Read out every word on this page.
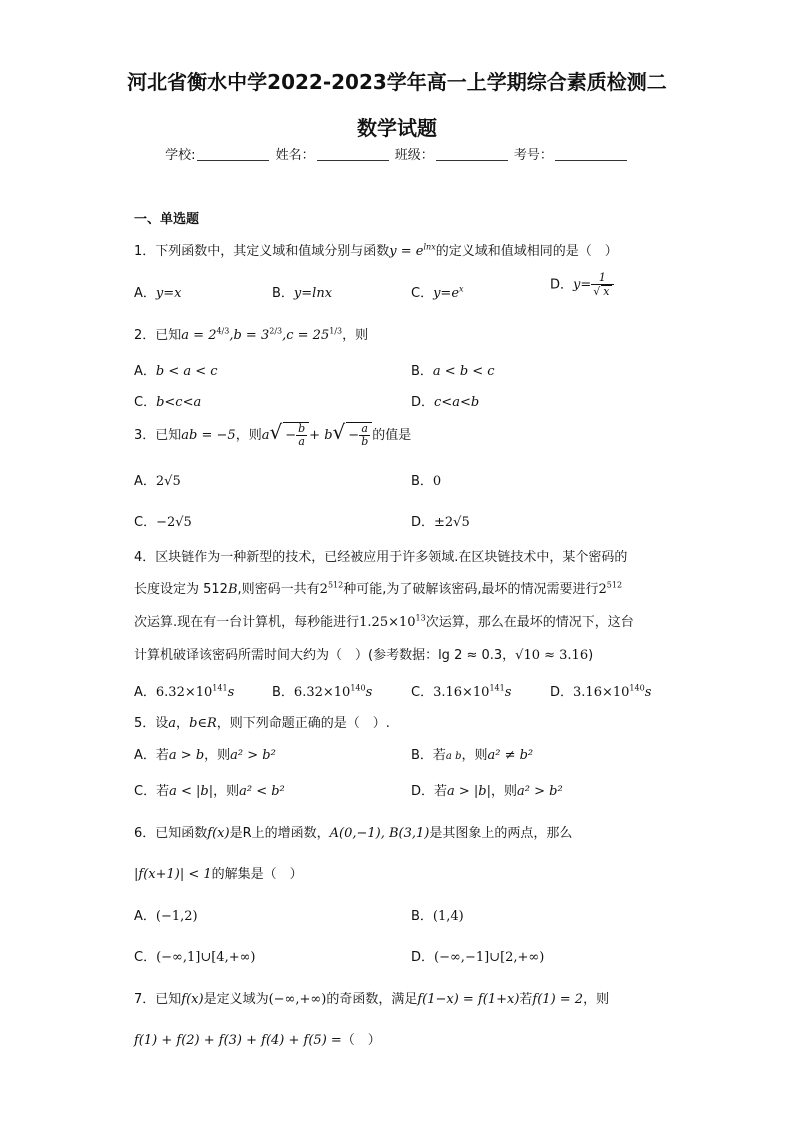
河北省衡水中学2022-2023学年高一上学期综合素质检测二
数学试题
学校:	姓名：	班级：	考号：
一、单选题
1．下列函数中，其定义域和值域分别与函数$y = e^{lnx}$的定义域和值域相同的是（　）
A．y=x	B．y=lnx	C．$y=e^x$	D．$y= \frac{1}{√ x}$
2．已知$a = 2^{4/3},b = 3^{2/3},c = 25^{1/3}$，则
A．b < a < c	B．a < b < c
C．b<c<a	D．c<a<b
3．已知ab = −5，则$a√ - \frac{b}{a} + b√ - \frac{a}{b}$ 的值是
A．2√5	B．0
C．−2√5	D．±2√5
4．区块链作为一种新型的技术，已经被应用于许多领域.在区块链技术中，某个密码的
长度设定为 512B,则密码一共有$2^{512}$种可能,为了破解该密码,最坏的情况需要进行$2^{512}$
次运算.现在有一台计算机，每秒能进行$1.25\times 10^{13}$次运算，那么在最坏的情况下，这台
计算机破译该密码所需时间大约为（　）(参考数据：lg 2 ≈ 0.3，√10 ≈ 3.16)
A．$6.32\times 10^{141}s$	B．$6.32\times 10^{140}s$	C．$3.16\times 10^{141}s$	D．$3.16\times 10^{140}s$
5．设a，b∈R，则下列命题正确的是（　）.
A．若a > b，则a² > b²	B．若a b，则a² ≠ b²
C．若a < |b|，则a² < b²	D．若a > |b|，则a² > b²
6．已知函数f(x)是R上的增函数，A(0,−1), B(3,1)是其图象上的两点，那么
|f(x+1)| < 1的解集是（　）
A．(−1,2)	B．(1,4)
C．(−∞,1]∪[4,+∞)	D．(−∞,−1]∪[2,+∞)
7．已知f(x)是定义域为(−∞,+∞)的奇函数，满足f(1−x) = f(1+x)若f(1) = 2，则
f(1) + f(2) + f(3) + f(4) + f(5) =（　）
